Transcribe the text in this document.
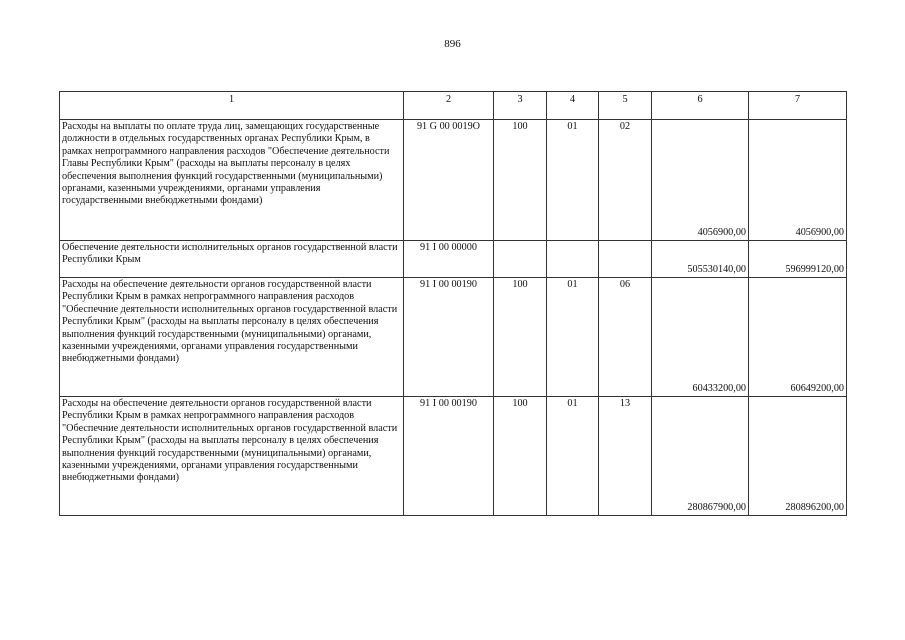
896
1	2	3	4	5	6	7
Расходы на выплаты по оплате труда лиц, замещающих государственные должности в отдельных государственных органах Республики Крым, в рамках непрограммного направления расходов "Обеспечение деятельности Главы Республики Крым" (расходы на выплаты персоналу в целях обеспечения выполнения функций государственными (муниципальными) органами, казенными учреждениями, органами управления государственными внебюджетными фондами)	91 G 00 0019O	100	01	02	4056900,00	4056900,00
Обеспечение деятельности исполнительных органов государственной власти Республики Крым	91 I 00 00000				505530140,00	596999120,00
Расходы на обеспечение деятельности органов государственной власти Республики Крым в рамках непрограммного направления расходов "Обеспечние деятельности исполнительных органов государственной власти Республики Крым" (расходы на выплаты персоналу в целях обеспечения выполнения функций государственными (муниципальными) органами, казенными учреждениями, органами управления государственными внебюджетными фондами)	91 I 00 00190	100	01	06	60433200,00	60649200,00
Расходы на обеспечение деятельности органов государственной власти Республики Крым в рамках непрограммного направления расходов "Обеспечние деятельности исполнительных органов государственной власти Республики Крым" (расходы на выплаты персоналу в целях обеспечения выполнения функций государственными (муниципальными) органами, казенными учреждениями, органами управления государственными внебюджетными фондами)	91 I 00 00190	100	01	13	280867900,00	280896200,00
